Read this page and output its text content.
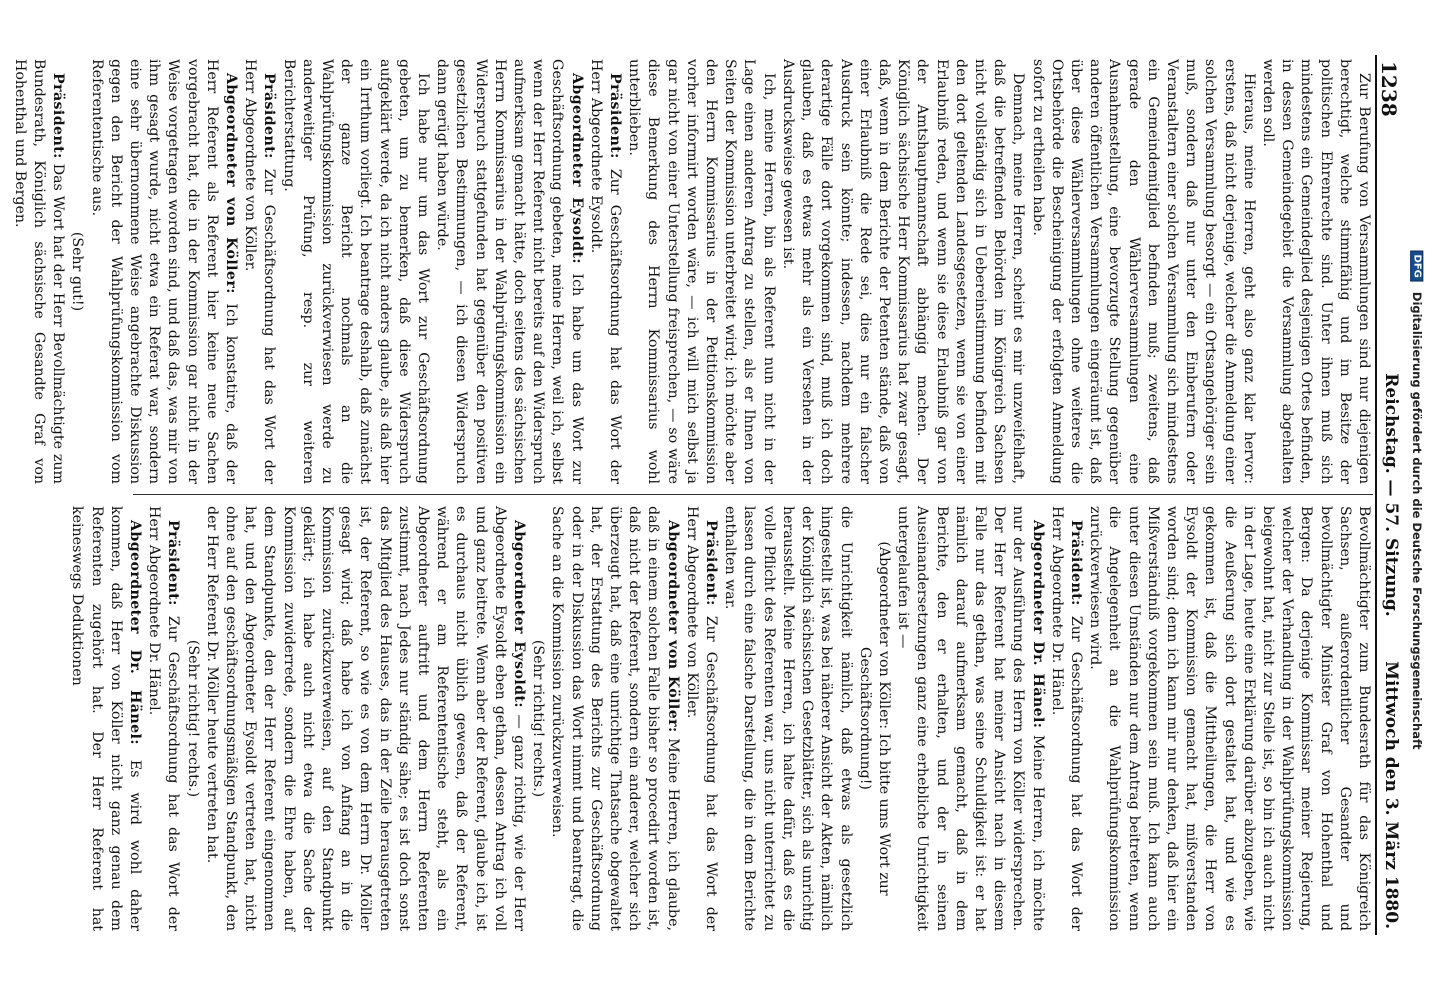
DFG Digitalisierung gefördert durch die Deutsche Forschungsgemeinschaft
1238
Reichstag. — 57. Sitzung.
Mittwoch den 3. März 1880.

Zur Berufung von Versammlungen sind nur diejenigen berechtigt, welche stimmfähig und im Besitze der politischen Ehrenrechte sind. Unter ihnen muß sich mindestens ein Gemeindeglied desjenigen Ortes befinden, in dessen Gemeindegebiet die Versammlung abgehalten werden soll.

Hieraus, meine Herren, geht also ganz klar hervor: erstens, daß nicht derjenige, welcher die Anmeldung einer solchen Versammlung besorgt — ein Ortsangehöriger sein muß, sondern daß nur unter den Einberufern oder Veranstaltern einer solchen Versammlung sich mindestens ein Gemeindemitglied befinden muß; zweitens, daß gerade den Wählerversammlungen eine Ausnahmestellung, eine bevorzugte Stellung gegenüber anderen öffentlichen Versammlungen eingeräumt ist, daß über diese Wählerversammlungen ohne weiteres die Ortsbehörde die Bescheinigung der erfolgten Anmeldung sofort zu ertheilen habe.

Demnach, meine Herren, scheint es mir unzweifelhaft, daß die betreffenden Behörden im Königreich Sachsen nicht vollständig sich in Uebereinstimmung befinden mit den dort geltenden Landesgesetzen, wenn sie von einer Erlaubniß reden, und wenn sie diese Erlaubniß gar von der Amtshauptmannschaft abhängig machen. Der Königlich sächsische Herr Kommissarius hat zwar gesagt, daß, wenn in dem Berichte der Petenten stände, daß von einer Erlaubniß die Rede sei, dies nur ein falscher Ausdruck sein könnte; indessen, nachdem mehrere derartige Fälle dort vorgekommen sind, muß ich doch glauben, daß es etwas mehr als ein Versehen in der Ausdrucksweise gewesen ist.

Ich, meine Herren, bin als Referent nun nicht in der Lage einen anderen Antrag zu stellen, als er Ihnen von Seiten der Kommission unterbreitet wird; ich möchte aber den Herrn Kommissarius in der Petitionskommission vorher informirt worden wäre, — ich will mich selbst ja gar nicht von einer Unterstellung freisprechen, — so wäre diese Bemerkung des Herrn Kommissarius wohl unterblieben.

Präsident: Zur Geschäftsordnung hat das Wort der Herr Abgeordnete Eysoldt.

Abgeordneter Eysoldt: Ich habe um das Wort zur Geschäftsordnung gebeten, meine Herren, weil ich, selbst wenn der Herr Referent nicht bereits auf den Widerspruch aufmerksam gemacht hätte, doch seitens des sächsischen Herrn Kommissarius in der Wahlprüfungskommission ein Widerspruch stattgefunden hat gegenüber den positiven gesetzlichen Bestimmungen, — ich diesen Widerspruch dann gerügt haben würde.

Ich habe nur um das Wort zur Geschäftsordnung gebeten, um zu bemerken, daß diese Widerspruch aufgeklärt werde, da ich nicht anders glaube, als daß hier ein Irrthum vorliegt. Ich beantrage deshalb, daß zunächst der ganze Bericht nochmals an die Wahlprüfungskommission zurückverwiesen werde zu anderweitiger Prüfung, resp. zur weiteren Berichterstattung.

Präsident: Zur Geschäftsordnung hat das Wort der Herr Abgeordnete von Köller.

Abgeordneter von Köller: Ich konstatire, daß der Herr Referent als Referent hier keine neue Sachen vorgebracht hat, die in der Kommission gar nicht in der Weise vorgetragen worden sind, und daß das, was mir von ihm gesagt wurde, nicht etwa ein Referat war, sondern eine sehr übernommene Weise angebrachte Diskussion gegen den Bericht der Wahlprüfungskommission vom Referententische aus.

(Sehr gut!)

Präsident: Das Wort hat der Herr Bevollmächtigte zum Bundesrath, Königlich sächsische Gesandte Graf von Hohenthal und Bergen.

Bevollmächtigter zum Bundesrath für das Königreich Sachsen, außerordentlicher Gesandter und bevollmächtigter Minister Graf von Hohenthal und Bergen: Da derjenige Kommissar meiner Regierung, welcher der Verhandlung in der Wahlprüfungskommission beigewohnt hat, nicht zur Stelle ist, so bin ich auch nicht in der Lage, heute eine Erklärung darüber abzugeben, wie die Aeußerung sich dort gestaltet hat, und wie es gekommen ist, daß die Mittheilungen, die Herr von Eysoldt der Kommission gemacht hat, mißverstanden worden sind; denn ich kann mir nur denken, daß hier ein Mißverständniß vorgekommen sein muß. Ich kann auch unter diesen Umständen nur dem Antrag beitreten, wenn die Angelegenheit an die Wahlprüfungskommission zurückverwiesen wird.

Präsident: Zur Geschäftsordnung hat das Wort der Herr Abgeordnete Dr. Hänel.

Abgeordneter Dr. Hänel: Meine Herren, ich möchte nur der Ausführung des Herrn von Köller widersprechen. Der Herr Referent hat meiner Ansicht nach in diesem Falle nur das gethan, was seine Schuldigkeit ist: er hat nämlich darauf aufmerksam gemacht, daß in dem Berichte, den er erhalten, und der in seinen Auseinandersetzungen ganz eine erhebliche Unrichtigkeit untergelaufen ist —

(Abgeordneter von Köller: Ich bitte ums Wort zur Geschäftsordnung!)

die Unrichtigkeit nämlich, daß etwas als gesetzlich hingestellt ist, was bei näherer Ansicht der Akten, nämlich der Königlich sächsischen Gesetzblätter, sich als unrichtig herausstellt. Meine Herren, ich halte dafür, daß es die volle Pflicht des Referenten war, uns nicht unterrichtet zu lassen durch eine falsche Darstellung, die in dem Berichte enthalten war.

Präsident: Zur Geschäftsordnung hat das Wort der Herr Abgeordnete von Köller.

Abgeordneter von Köller: Meine Herren, ich glaube, daß in einem solchen Falle bisher so procedirt worden ist, daß nicht der Referent, sondern ein anderer, welcher sich überzeugt hat, daß eine unrichtige Thatsache obgewaltet hat, der Erstattung des Berichts zur Geschäftsordnung oder in der Diskussion das Wort nimmt und beantragt, die Sache an die Kommission zurückzuverweisen.

(Sehr richtig! rechts.)

Abgeordneter Eysoldt: — ganz richtig, wie der Herr Abgeordnete Eysoldt eben gethan, dessen Antrag ich voll und ganz beitrete. Wenn aber der Referent, glaube ich, ist es durchaus nicht üblich gewesen, daß der Referent, während er am Referententische steht, als ein Abgeordneter auftritt und dem Herrn Referenten zustimmt, nach Jedes nur ständig sähe; es ist doch sonst das Mitglied des Hauses, das in der Zeile herausgetreten ist, der Referent, so wie es von dem Herrn Dr. Möller gesagt wird; daß habe ich von Anfang an in die Kommission zurückzuverweisen, auf den Standpunkt geklärt; ich habe auch nicht etwa die Sache der Kommission zuwiderrede, sondern die Ehre haben, auf dem Standpunkte, den der Herr Referent eingenommen hat, und den Abgeordneter Eysoldt vertreten hat, nicht ohne auf den geschäftsordnungsmäßigen Standpunkt, den der Herr Referent Dr. Möller heute vertreten hat.

(Sehr richtig! rechts.)

Präsident: Zur Geschäftsordnung hat das Wort der Herr Abgeordnete Dr. Hänel.

Abgeordneter Dr. Hänel: Es wird wohl daher kommen, daß Herr von Köller nicht ganz genau dem Referenten zugehört hat. Der Herr Referent hat keineswegs Deduktionen
